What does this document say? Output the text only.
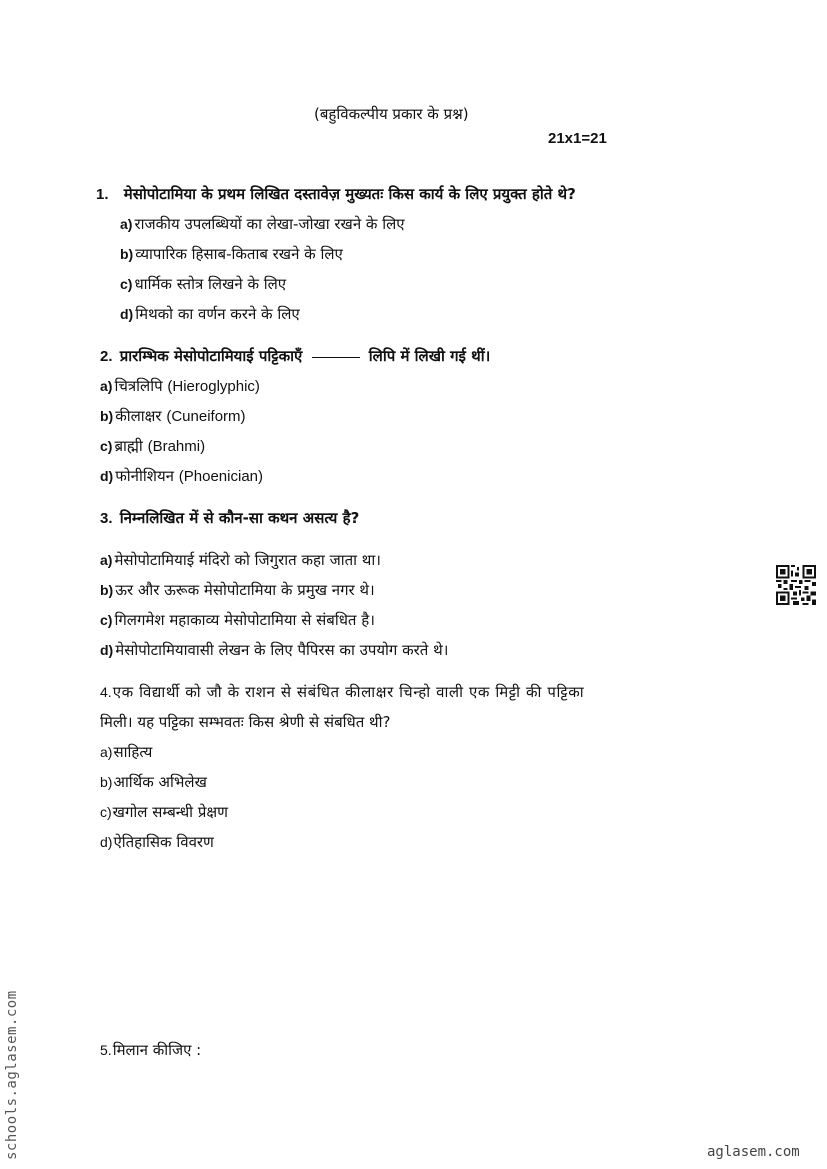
(बहुविकल्पीय प्रकार के प्रश्न)
21x1=21
1. मेसोपोटामिया के प्रथम लिखित दस्तावेज़ मुख्यतः किस कार्य के लिए प्रयुक्त होते थे?
a) राजकीय उपलब्धियों का लेखा-जोखा रखने के लिए
b) व्यापारिक हिसाब-किताब रखने के लिए
c) धार्मिक स्तोत्र लिखने के लिए
d) मिथको का वर्णन करने के लिए
2. प्रारम्भिक मेसोपोटामियाई पट्टिकाएँ	लिपि में लिखी गई थीं।
a) चित्रलिपि (Hieroglyphic)
b) कीलाक्षर (Cuneiform)
c) ब्राह्मी (Brahmi)
d) फोनीशियन (Phoenician)
3. निम्नलिखित में से कौन-सा कथन असत्य है?
a) मेसोपोटामियाई मंदिरो को जिगुरात कहा जाता था।
b) ऊर और ऊरूक मेसोपोटामिया के प्रमुख नगर थे।
c) गिलगमेश महाकाव्य मेसोपोटामिया से संबधित है।
d) मेसोपोटामियावासी लेखन के लिए पैपिरस का उपयोग करते थे।
4.एक विद्यार्थी को जौ के राशन से संबंधित कीलाक्षर चिन्हो वाली एक मिट्टी की पट्टिका
मिली। यह पट्टिका सम्भवतः किस श्रेणी से संबधित थी?
a)साहित्य
b)आर्थिक अभिलेख
c)खगोल सम्बन्धी प्रेक्षण
d)ऐतिहासिक विवरण
5.मिलान कीजिए :
schools.aglasem.com	aglasem.com
